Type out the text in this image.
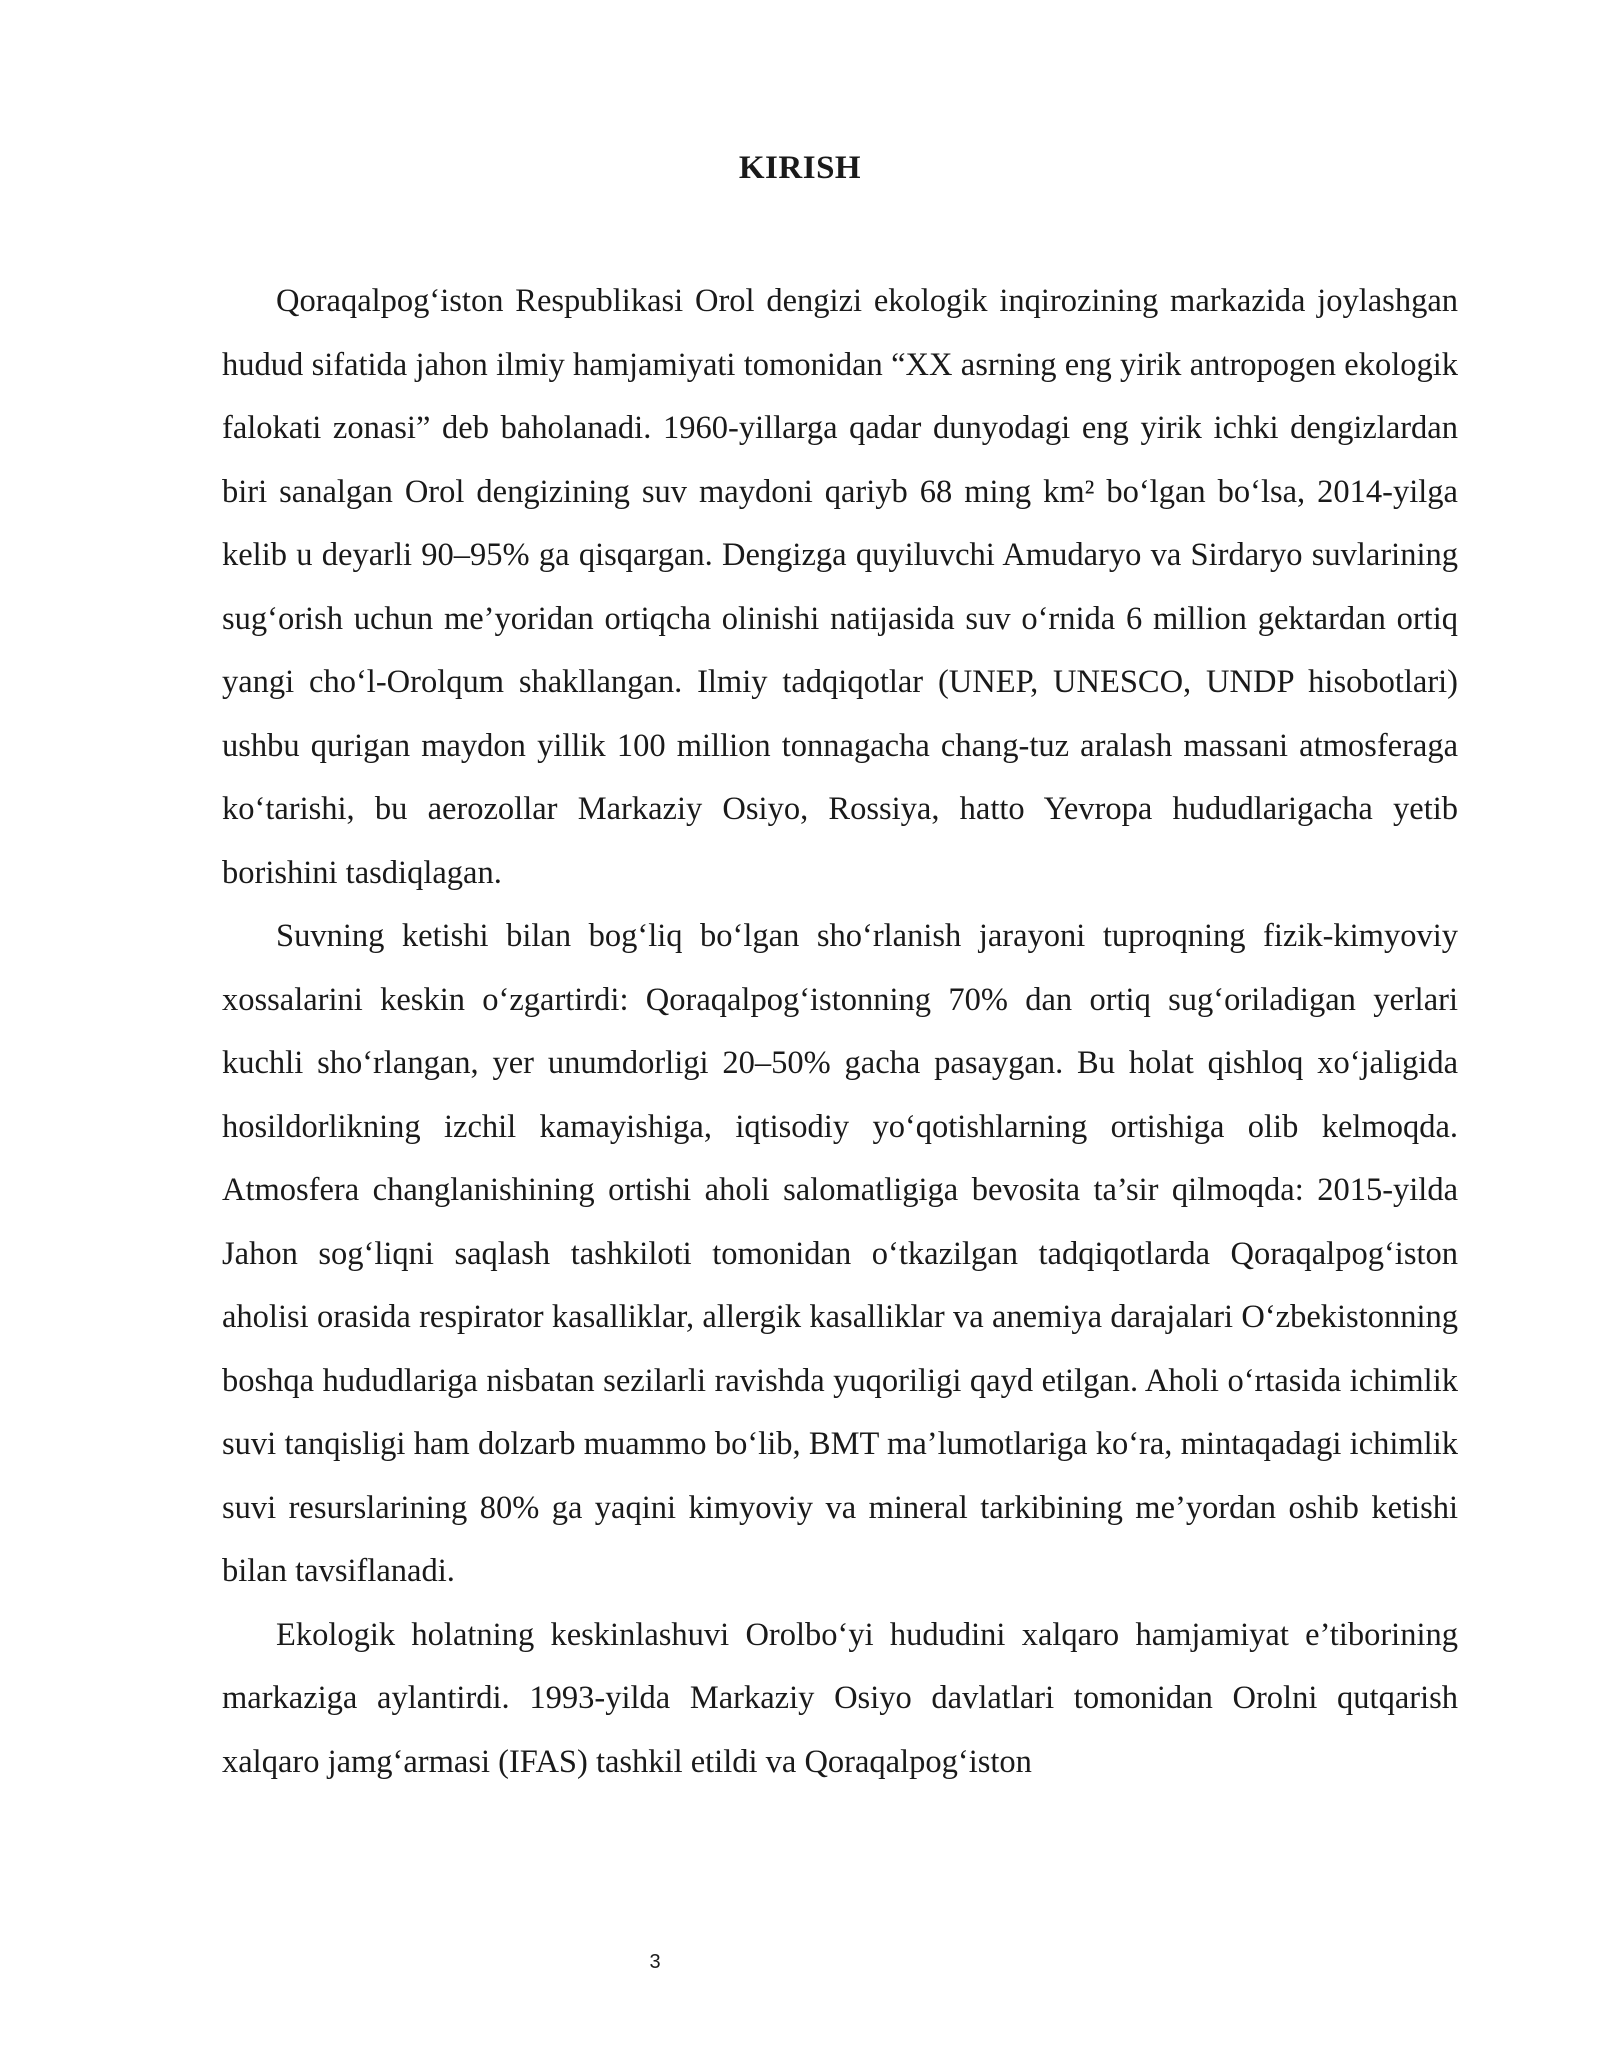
KIRISH

Qoraqalpog‘iston Respublikasi Orol dengizi ekologik inqirozining markazida joylashgan hudud sifatida jahon ilmiy hamjamiyati tomonidan “XX asrning eng yirik antropogen ekologik falokati zonasi” deb baholanadi. 1960-yillarga qadar dunyodagi eng yirik ichki dengizlardan biri sanalgan Orol dengizining suv maydoni qariyb 68 ming km² bo‘lgan bo‘lsa, 2014-yilga kelib u deyarli 90–95% ga qisqargan. Dengizga quyiluvchi Amudaryo va Sirdaryo suvlarining sug‘orish uchun me’yoridan ortiqcha olinishi natijasida suv o‘rnida 6 million gektardan ortiq yangi cho‘l-Orolqum shakllangan. Ilmiy tadqiqotlar (UNEP, UNESCO, UNDP hisobotlari) ushbu qurigan maydon yillik 100 million tonnagacha chang-tuz aralash massani atmosferaga ko‘tarishi, bu aerozollar Markaziy Osiyo, Rossiya, hatto Yevropa hududlarigacha yetib borishini tasdiqlagan.

Suvning ketishi bilan bog‘liq bo‘lgan sho‘rlanish jarayoni tuproqning fizik-kimyoviy xossalarini keskin o‘zgartirdi: Qoraqalpog‘istonning 70% dan ortiq sug‘oriladigan yerlari kuchli sho‘rlangan, yer unumdorligi 20–50% gacha pasaygan. Bu holat qishloq xo‘jaligida hosildorlikning izchil kamayishiga, iqtisodiy yo‘qotishlarning ortishiga olib kelmoqda. Atmosfera changlanishining ortishi aholi salomatligiga bevosita ta’sir qilmoqda: 2015-yilda Jahon sog‘liqni saqlash tashkiloti tomonidan o‘tkazilgan tadqiqotlarda Qoraqalpog‘iston aholisi orasida respirator kasalliklar, allergik kasalliklar va anemiya darajalari O‘zbekistonning boshqa hududlariga nisbatan sezilarli ravishda yuqoriligi qayd etilgan. Aholi o‘rtasida ichimlik suvi tanqisligi ham dolzarb muammo bo‘lib, BMT ma’lumotlariga ko‘ra, mintaqadagi ichimlik suvi resurslarining 80% ga yaqini kimyoviy va mineral tarkibining me’yordan oshib ketishi bilan tavsiflanadi.

Ekologik holatning keskinlashuvi Orolbo‘yi hududini xalqaro hamjamiyat e’tiborining markaziga aylantirdi. 1993-yilda Markaziy Osiyo davlatlari tomonidan Orolni qutqarish xalqaro jamg‘armasi (IFAS) tashkil etildi va Qoraqalpog‘iston

3
